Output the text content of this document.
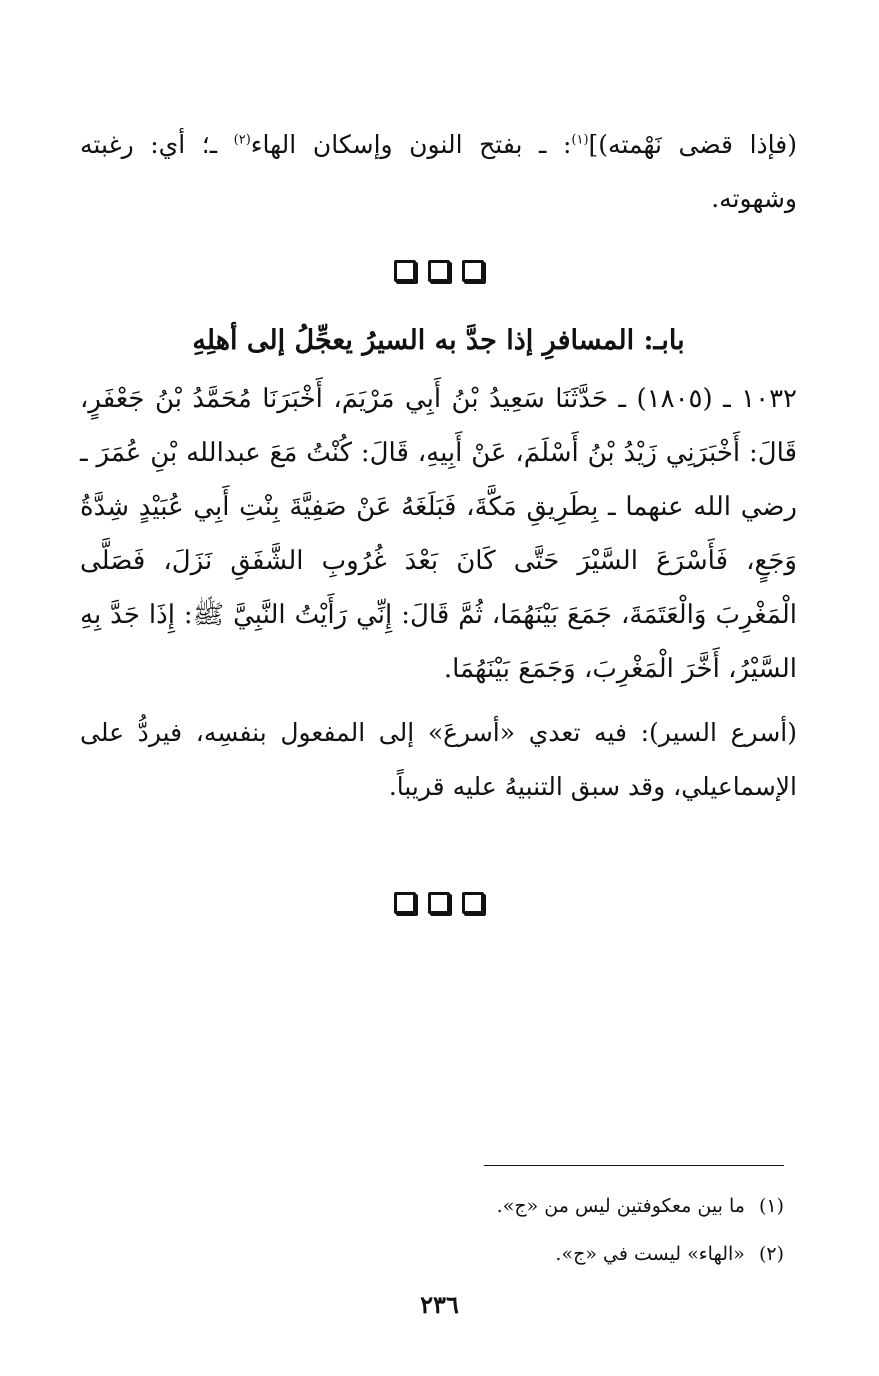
(فإذا قضى نَهْمته)]$^{(١)}$: ـ بفتح النون وإسكان الهاء$^{(٢)}$ ـ؛ أي: رغبته وشهوته.

بابـ: المسافرِ إذا جدَّ به السيرُ يعجِّلُ إلى أهلِهِ

١٠٣٢ ـ (١٨٠٥) ـ حَدَّثَنَا سَعِيدُ بْنُ أَبِي مَرْيَمَ، أَخْبَرَنَا مُحَمَّدُ بْنُ جَعْفَرٍ، قَالَ: أَخْبَرَنِي زَيْدُ بْنُ أَسْلَمَ، عَنْ أَبِيهِ، قَالَ: كُنْتُ مَعَ عبدالله بْنِ عُمَرَ ـ رضي الله عنهما ـ بِطَرِيقِ مَكَّةَ، فَبَلَغَهُ عَنْ صَفِيَّةَ بِنْتِ أَبِي عُبَيْدٍ شِدَّةُ وَجَعٍ، فَأَسْرَعَ السَّيْرَ حَتَّى كَانَ بَعْدَ غُرُوبِ الشَّفَقِ نَزَلَ، فَصَلَّى الْمَغْرِبَ وَالْعَتَمَةَ، جَمَعَ بَيْنَهُمَا، ثُمَّ قَالَ: إِنِّي رَأَيْتُ النَّبِيَّ ﷺ: إِذَا جَدَّ بِهِ السَّيْرُ، أَخَّرَ الْمَغْرِبَ، وَجَمَعَ بَيْنَهُمَا.

(أسرع السير): فيه تعدي «أسرعَ» إلى المفعول بنفسِه، فيردُّ على الإسماعيلي، وقد سبق التنبيهُ عليه قريباً.

(١)
ما بين معكوفتين ليس من «ج».
(٢)
«الهاء» ليست في «ج».
٢٣٦
